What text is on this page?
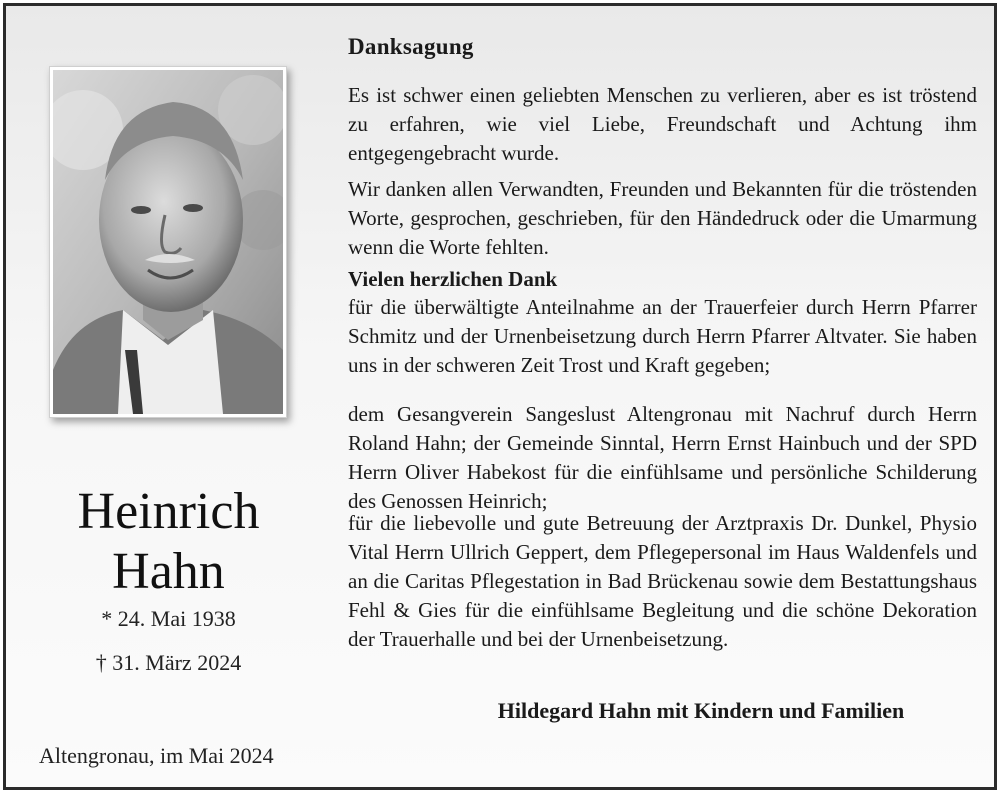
Heinrich
Hahn
* 24. Mai 1938
† 31. März 2024
Altengronau, im Mai 2024
Danksagung
Es ist schwer einen geliebten Menschen zu verlieren, aber es ist tröstend zu erfahren, wie viel Liebe, Freundschaft und Achtung ihm entgegengebracht wurde.
Wir danken allen Verwandten, Freunden und Bekannten für die tröstenden Worte, gesprochen, geschrieben, für den Händedruck oder die Umarmung wenn die Worte fehlten.
Vielen herzlichen Dank
für die überwältigte Anteilnahme an der Trauerfeier durch Herrn Pfarrer Schmitz und der Urnenbeisetzung durch Herrn Pfarrer Altvater. Sie haben uns in der schweren Zeit Trost und Kraft gegeben;
dem Gesangverein Sangeslust Altengronau mit Nachruf durch Herrn Roland Hahn; der Gemeinde Sinntal, Herrn Ernst Hainbuch und der SPD Herrn Oliver Habekost für die einfühlsame und persönliche Schilderung des Genossen Heinrich;
für die liebevolle und gute Betreuung der Arztpraxis Dr. Dunkel, Physio Vital Herrn Ullrich Geppert, dem Pflegepersonal im Haus Waldenfels und an die Caritas Pflegestation in Bad Brückenau sowie dem Bestattungshaus Fehl & Gies für die einfühlsame Begleitung und die schöne Dekoration der Trauerhalle und bei der Urnenbeisetzung.
Hildegard Hahn mit Kindern und Familien
